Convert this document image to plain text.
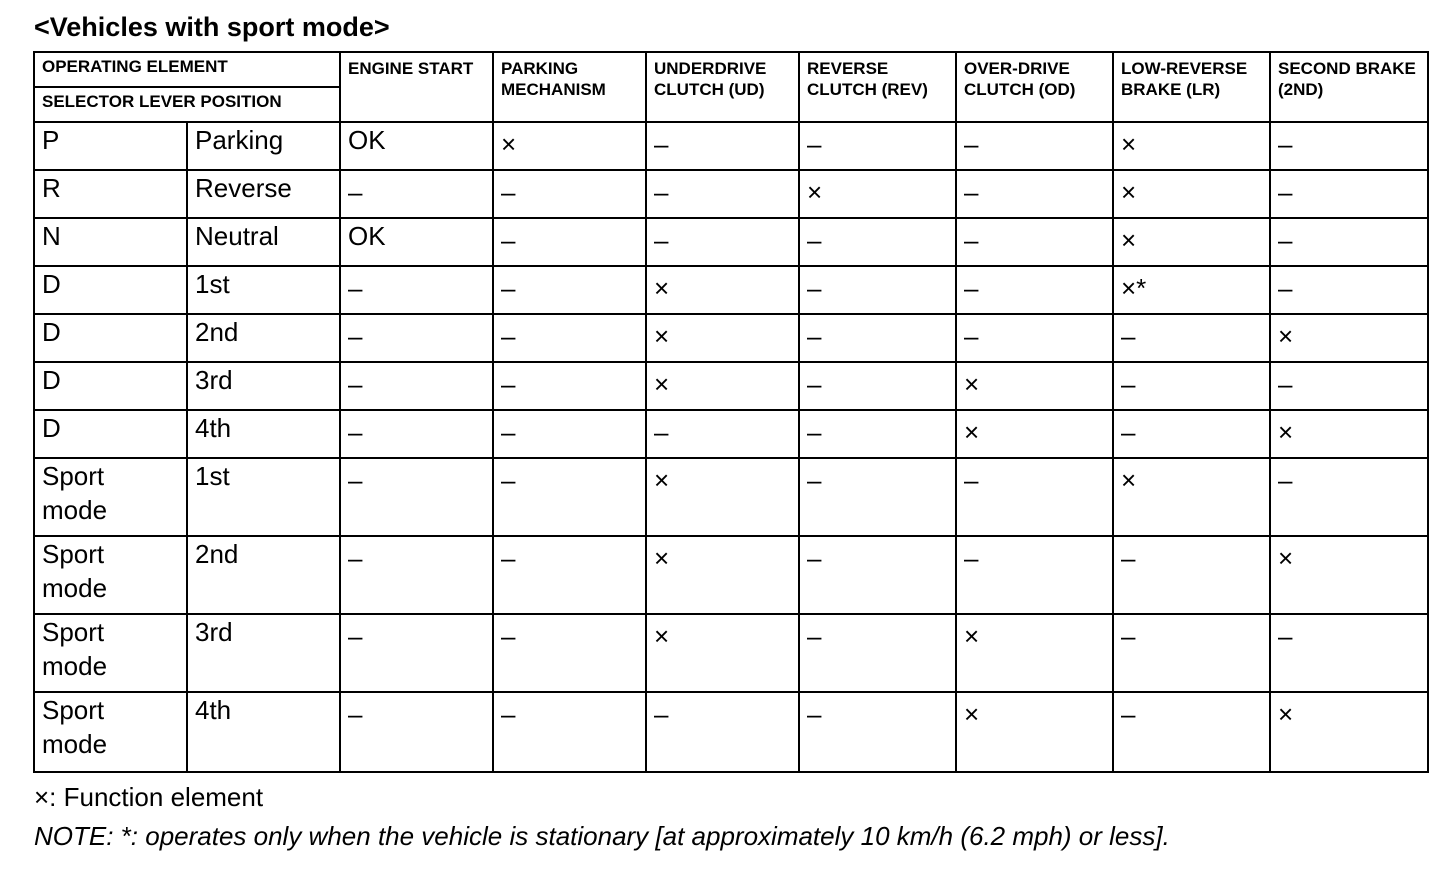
<Vehicles with sport mode>
OPERATING ELEMENT		ENGINE START	PARKING MECHANISM	UNDERDRIVE CLUTCH (UD)	REVERSE CLUTCH (REV)	OVER-DRIVE CLUTCH (OD)	LOW-REVERSE BRAKE (LR)	SECOND BRAKE (2ND)

SELECTOR LEVER POSITION								

P	Parking	OK	×	–	–	–	×	–

R	Reverse	–	–	–	×	–	×	–

N	Neutral	OK	–	–	–	–	×	–

D	1st	–	–	×	–	–	×*	–

D	2nd	–	–	×	–	–	–	×

D	3rd	–	–	×	–	×	–	–

D	4th	–	–	–	–	×	–	×

Sport mode	1st	–	–	×	–	–	×	–

Sport mode	2nd	–	–	×	–	–	–	×

Sport mode	3rd	–	–	×	–	×	–	–

Sport mode	4th	–	–	–	–	×	–	×
×: Function element
NOTE: *: operates only when the vehicle is stationary [at approximately 10 km/h (6.2 mph) or less].
